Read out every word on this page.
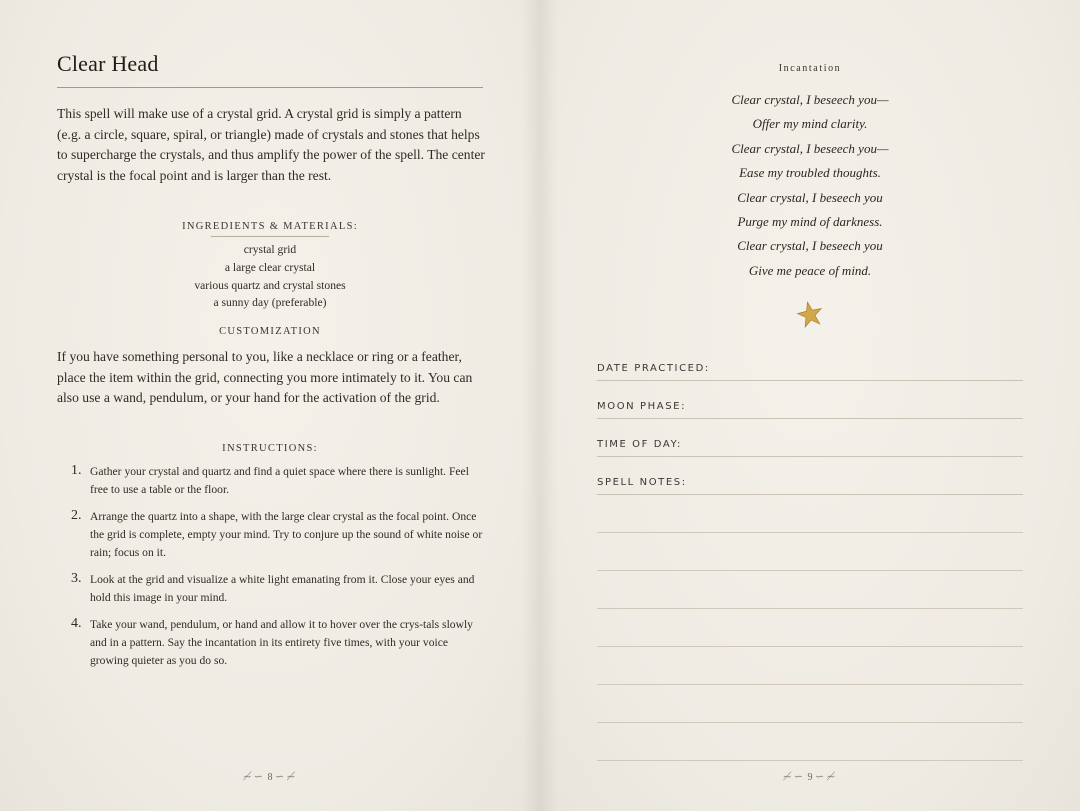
Clear Head

This spell will make use of a crystal grid. A crystal grid is simply a pattern (e.g. a circle, square, spiral, or triangle) made of crystals and stones that helps to supercharge the crystals, and thus amplify the power of the spell. The center crystal is the focal point and is larger than the rest.

INGREDIENTS & MATERIALS:
crystal grid
a large clear crystal
various quartz and crystal stones
a sunny day (preferable)
CUSTOMIZATION

If you have something personal to you, like a necklace or ring or a feather, place the item within the grid, connecting you more intimately to it. You can also use a wand, pendulum, or your hand for the activation of the grid.

INSTRUCTIONS:
1. Gather your crystal and quartz and find a quiet space where there is sunlight. Feel free to use a table or the floor.
2. Arrange the quartz into a shape, with the large clear crystal as the focal point. Once the grid is complete, empty your mind. Try to conjure up the sound of white noise or rain; focus on it.
3. Look at the grid and visualize a white light emanating from it. Close your eyes and hold this image in your mind.
4. Take your wand, pendulum, or hand and allow it to hover over the crys-tals slowly and in a pattern. Say the incantation in its entirety five times, with your voice growing quieter as you do so.
≁∽ 8 ∽≁	≁∽ 9 ∽≁
Incantation
Clear crystal, I beseech you—
Offer my mind clarity.
Clear crystal, I beseech you—
Ease my troubled thoughts.
Clear crystal, I beseech you
Purge my mind of darkness.
Clear crystal, I beseech you
Give me peace of mind.
DATE PRACTICED:
MOON PHASE:
TIME OF DAY:
SPELL NOTES:
